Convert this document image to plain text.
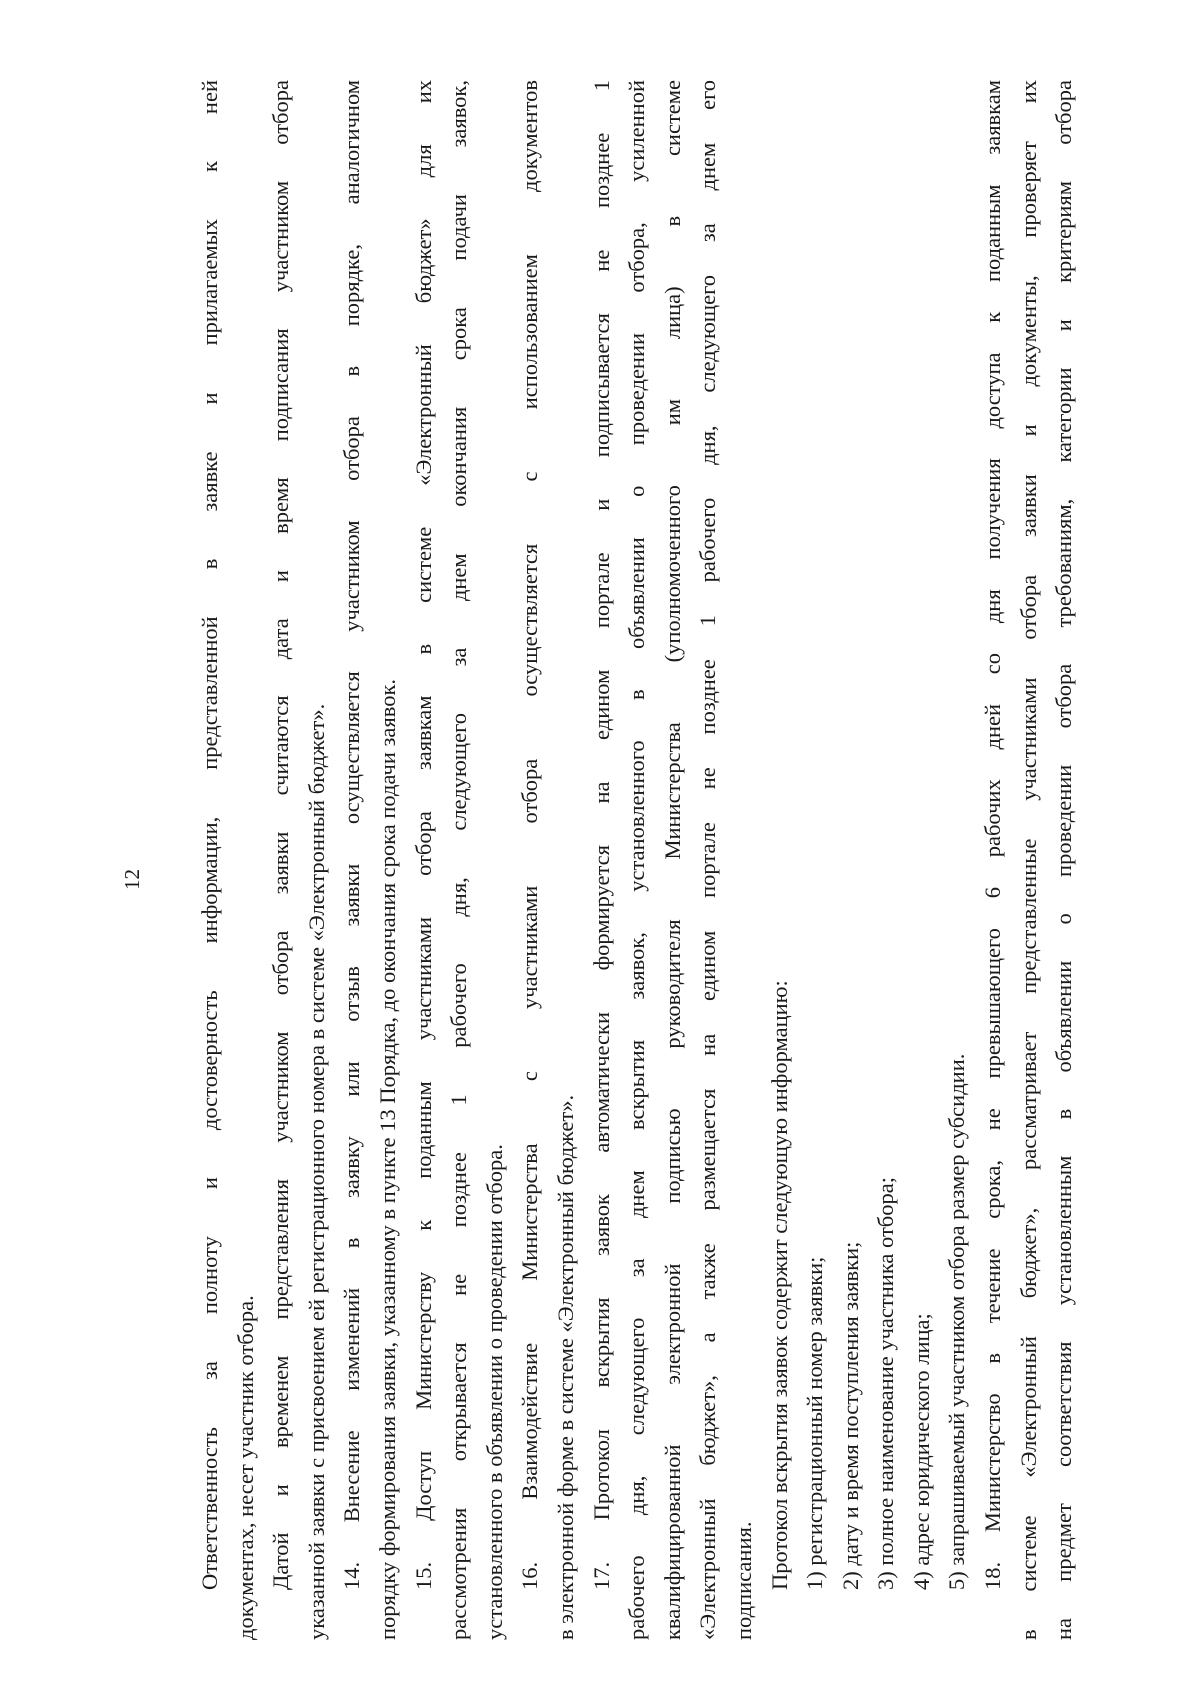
12 Ответственность за полноту и достоверность информации, представленной в заявке и прилагаемых к ней документах, несет участник отбора. Датой и временем представления участником отбора заявки считаются дата и время подписания участником отбора указанной заявки с присвоением ей регистрационного номера в системе «Электронный бюджет». 14. Внесение изменений в заявку или отзыв заявки осуществляется участником отбора в порядке, аналогичном порядку формирования заявки, указанному в пункте 13 Порядка, до окончания срока подачи заявок. 15. Доступ Министерству к поданным участниками отбора заявкам в системе «Электронный бюджет» для их рассмотрения открывается не позднее 1 рабочего дня, следующего за днем окончания срока подачи заявок, установленного в объявлении о проведении отбора. 16. Взаимодействие Министерства с участниками отбора осуществляется с использованием документов в электронной форме в системе «Электронный бюджет». 17. Протокол вскрытия заявок автоматически формируется на едином портале и подписывается не позднее 1 рабочего дня, следующего за днем вскрытия заявок, установленного в объявлении о проведении отбора, усиленной квалифицированной электронной подписью руководителя Министерства (уполномоченного им лица) в системе «Электронный бюджет», а также размещается на едином портале не позднее 1 рабочего дня, следующего за днем его подписания. Протокол вскрытия заявок содержит следующую информацию: 1) регистрационный номер заявки; 2) дату и время поступления заявки; 3) полное наименование участника отбора; 4) адрес юридического лица; 5) запрашиваемый участником отбора размер субсидии. 18. Министерство в течение срока, не превышающего 6 рабочих дней со дня получения доступа к поданным заявкам в системе «Электронный бюджет», рассматривает представленные участниками отбора заявки и документы, проверяет их на предмет соответствия установленным в объявлении о проведении отбора требованиям, категории и критериям отбора
